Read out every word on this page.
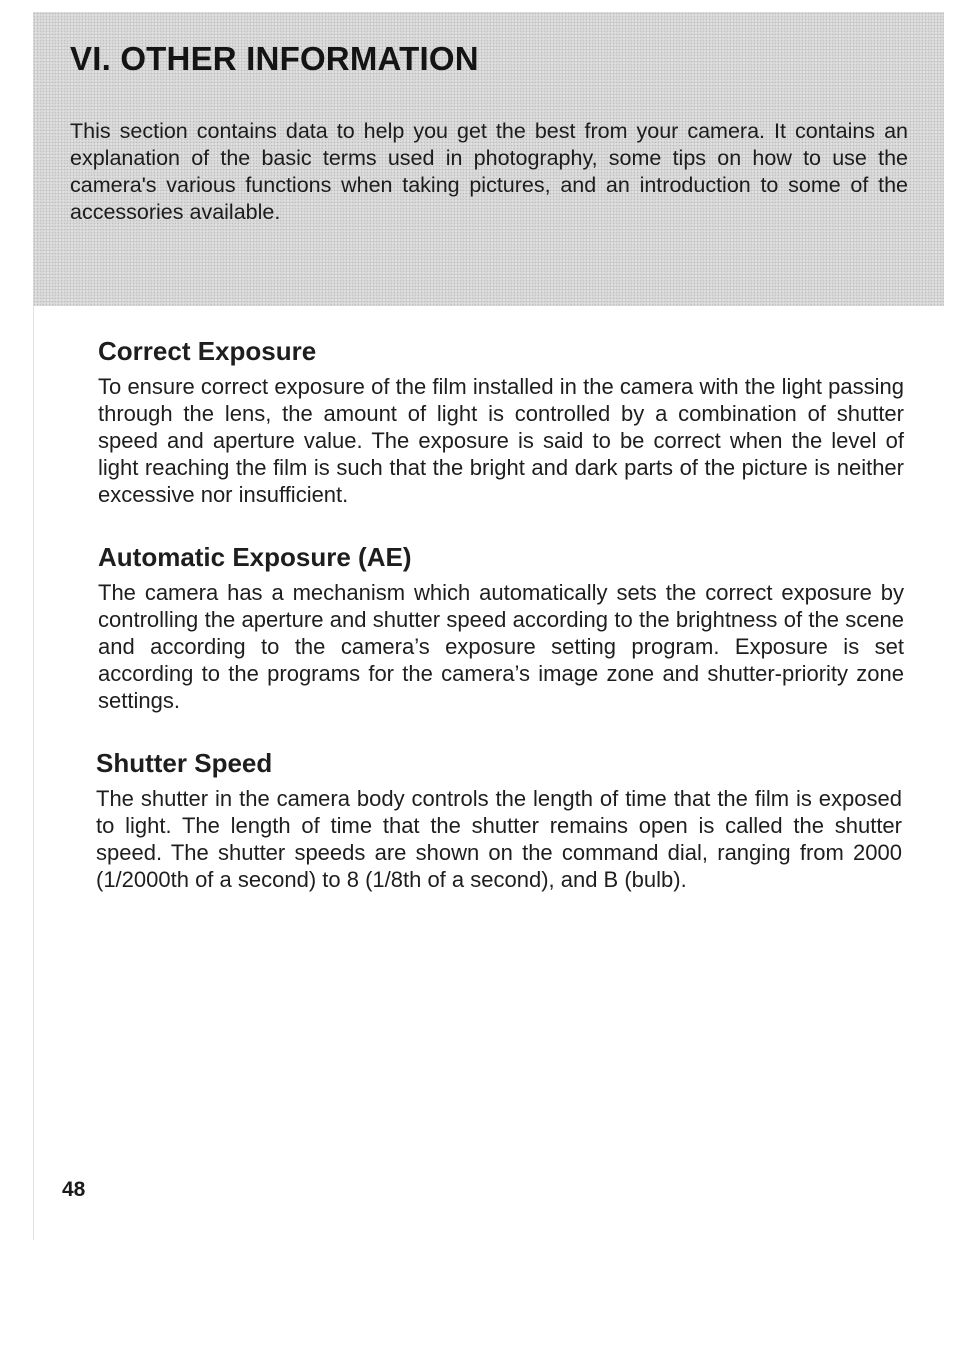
VI. OTHER INFORMATION

This section contains data to help you get the best from your camera. It contains an explanation of the basic terms used in photography, some tips on how to use the camera's various functions when taking pictures, and an introduction to some of the accessories available.

Correct Exposure

To ensure correct exposure of the film installed in the camera with the light passing through the lens, the amount of light is controlled by a combination of shutter speed and aperture value. The exposure is said to be correct when the level of light reaching the film is such that the bright and dark parts of the picture is neither excessive nor insufficient.

Automatic Exposure (AE)

The camera has a mechanism which automatically sets the correct exposure by controlling the aperture and shutter speed according to the brightness of the scene and according to the camera’s exposure setting program. Exposure is set according to the programs for the camera’s image zone and shutter-priority zone settings.

Shutter Speed

The shutter in the camera body controls the length of time that the film is exposed to light. The length of time that the shutter remains open is called the shutter speed. The shutter speeds are shown on the command dial, ranging from 2000 (1/2000th of a second) to 8 (1/8th of a second), and B (bulb).

48
